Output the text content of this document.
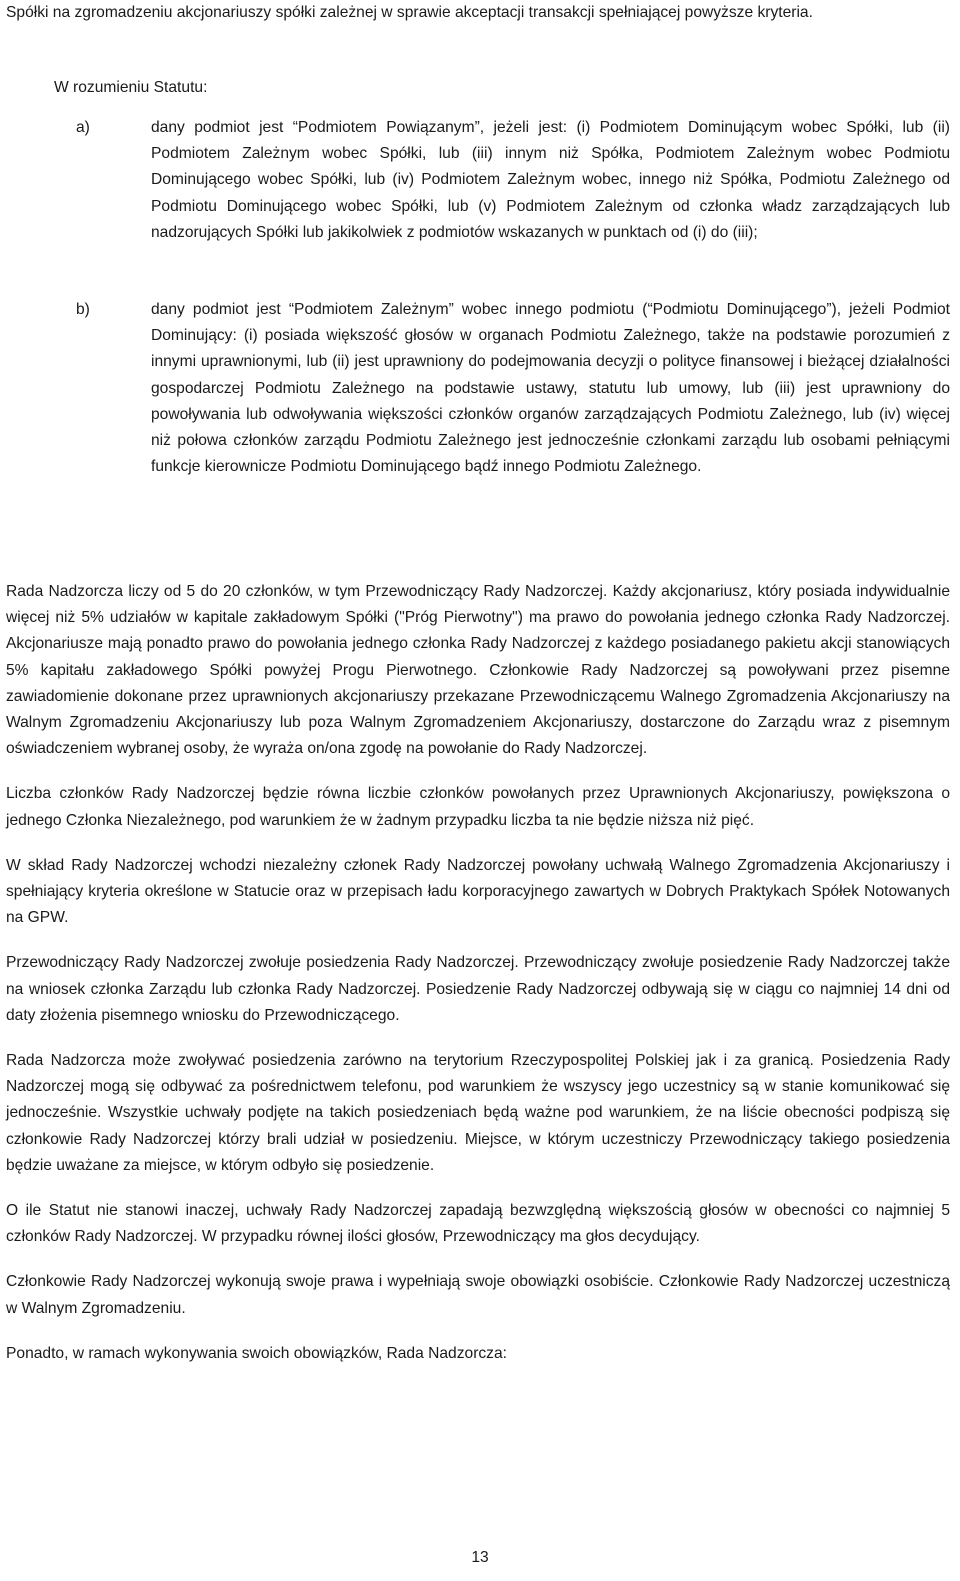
Spółki na zgromadzeniu akcjonariuszy spółki zależnej w sprawie akceptacji transakcji spełniającej powyższe kryteria.

W rozumieniu Statutu:

a)	dany podmiot jest “Podmiotem Powiązanym”, jeżeli jest: (i) Podmiotem Dominującym wobec Spółki, lub (ii) Podmiotem Zależnym wobec Spółki, lub (iii) innym niż Spółka, Podmiotem Zależnym wobec Podmiotu Dominującego wobec Spółki, lub (iv) Podmiotem Zależnym wobec, innego niż Spółka, Podmiotu Zależnego od Podmiotu Dominującego wobec Spółki, lub (v) Podmiotem Zależnym od członka władz zarządzających lub nadzorujących Spółki lub jakikolwiek z podmiotów wskazanych w punktach od (i) do (iii);

b)	dany podmiot jest “Podmiotem Zależnym” wobec innego podmiotu (“Podmiotu Dominującego”), jeżeli Podmiot Dominujący: (i) posiada większość głosów w organach Podmiotu Zależnego, także na podstawie porozumień z innymi uprawnionymi, lub (ii) jest uprawniony do podejmowania decyzji o polityce finansowej i bieżącej działalności gospodarczej Podmiotu Zależnego na podstawie ustawy, statutu lub umowy, lub (iii) jest uprawniony do powoływania lub odwoływania większości członków organów zarządzających Podmiotu Zależnego, lub (iv) więcej niż połowa członków zarządu Podmiotu Zależnego jest jednocześnie członkami zarządu lub osobami pełniącymi funkcje kierownicze Podmiotu Dominującego bądź innego Podmiotu Zależnego.

Rada Nadzorcza liczy od 5 do 20 członków, w tym Przewodniczący Rady Nadzorczej. Każdy akcjonariusz, który posiada indywidualnie więcej niż 5% udziałów w kapitale zakładowym Spółki ("Próg Pierwotny") ma prawo do powołania jednego członka Rady Nadzorczej. Akcjonariusze mają ponadto prawo do powołania jednego członka Rady Nadzorczej z każdego posiadanego pakietu akcji stanowiących 5% kapitału zakładowego Spółki powyżej Progu Pierwotnego. Członkowie Rady Nadzorczej są powoływani przez pisemne zawiadomienie dokonane przez uprawnionych akcjonariuszy przekazane Przewodniczącemu Walnego Zgromadzenia Akcjonariuszy na Walnym Zgromadzeniu Akcjonariuszy lub poza Walnym Zgromadzeniem Akcjonariuszy, dostarczone do Zarządu wraz z pisemnym oświadczeniem wybranej osoby, że wyraża on/ona zgodę na powołanie do Rady Nadzorczej.

Liczba członków Rady Nadzorczej będzie równa liczbie członków powołanych przez Uprawnionych Akcjonariuszy, powiększona o jednego Członka Niezależnego, pod warunkiem że w żadnym przypadku liczba ta nie będzie niższa niż pięć.

W skład Rady Nadzorczej wchodzi niezależny członek Rady Nadzorczej powołany uchwałą Walnego Zgromadzenia Akcjonariuszy i spełniający kryteria określone w Statucie oraz w przepisach ładu korporacyjnego zawartych w Dobrych Praktykach Spółek Notowanych na GPW.

Przewodniczący Rady Nadzorczej zwołuje posiedzenia Rady Nadzorczej. Przewodniczący zwołuje posiedzenie Rady Nadzorczej także na wniosek członka Zarządu lub członka Rady Nadzorczej. Posiedzenie Rady Nadzorczej odbywają się w ciągu co najmniej 14 dni od daty złożenia pisemnego wniosku do Przewodniczącego.

Rada Nadzorcza może zwoływać posiedzenia zarówno na terytorium Rzeczypospolitej Polskiej jak i za granicą. Posiedzenia Rady Nadzorczej mogą się odbywać za pośrednictwem telefonu, pod warunkiem że wszyscy jego uczestnicy są w stanie komunikować się jednocześnie. Wszystkie uchwały podjęte na takich posiedzeniach będą ważne pod warunkiem, że na liście obecności podpiszą się członkowie Rady Nadzorczej którzy brali udział w posiedzeniu. Miejsce, w którym uczestniczy Przewodniczący takiego posiedzenia będzie uważane za miejsce, w którym odbyło się posiedzenie.

O ile Statut nie stanowi inaczej, uchwały Rady Nadzorczej zapadają bezwzględną większością głosów w obecności co najmniej 5 członków Rady Nadzorczej. W przypadku równej ilości głosów, Przewodniczący ma głos decydujący.

Członkowie Rady Nadzorczej wykonują swoje prawa i wypełniają swoje obowiązki osobiście. Członkowie Rady Nadzorczej uczestniczą w Walnym Zgromadzeniu.

Ponadto, w ramach wykonywania swoich obowiązków, Rada Nadzorcza:

13
